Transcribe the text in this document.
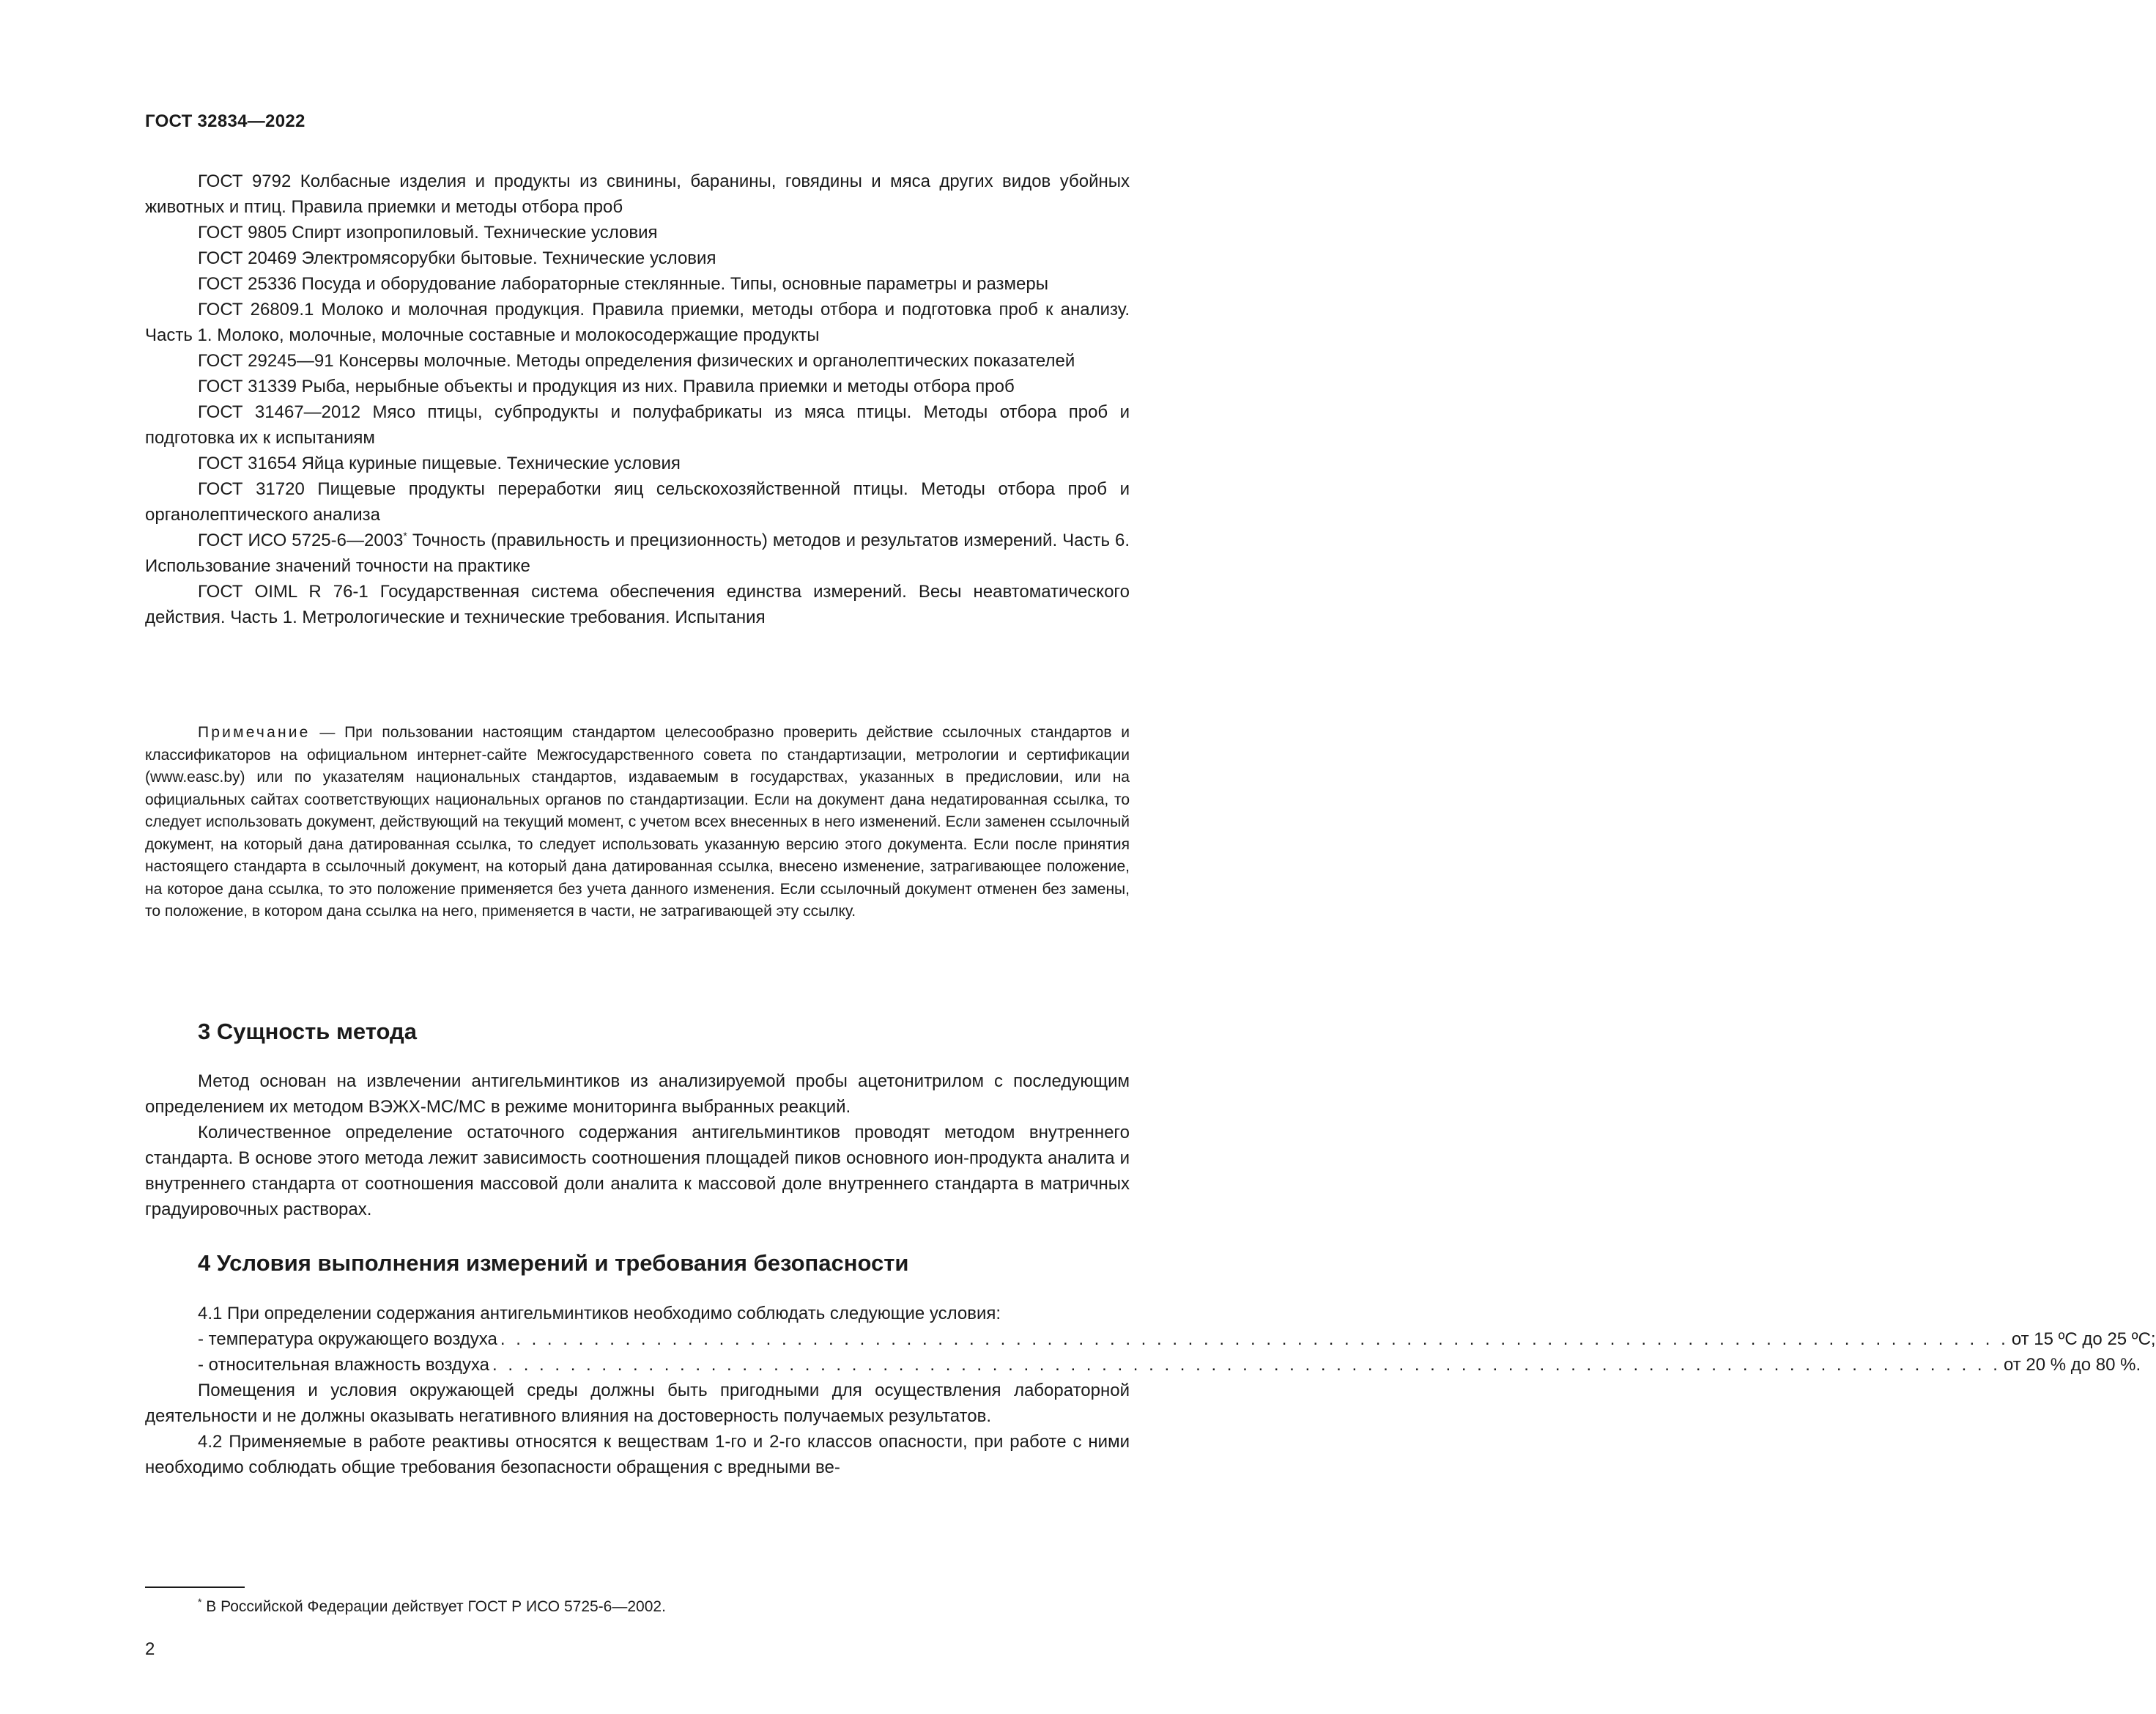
ГОСТ 32834—2022

ГОСТ 9792 Колбасные изделия и продукты из свинины, баранины, говядины и мяса других видов убойных животных и птиц. Правила приемки и методы отбора проб

ГОСТ 9805 Спирт изопропиловый. Технические условия

ГОСТ 20469 Электромясорубки бытовые. Технические условия

ГОСТ 25336 Посуда и оборудование лабораторные стеклянные. Типы, основные параметры и размеры

ГОСТ 26809.1 Молоко и молочная продукция. Правила приемки, методы отбора и подготовка проб к анализу. Часть 1. Молоко, молочные, молочные составные и молокосодержащие продукты

ГОСТ 29245—91 Консервы молочные. Методы определения физических и органолептических показателей

ГОСТ 31339 Рыба, нерыбные объекты и продукция из них. Правила приемки и методы отбора проб

ГОСТ 31467—2012 Мясо птицы, субпродукты и полуфабрикаты из мяса птицы. Методы отбора проб и подготовка их к испытаниям

ГОСТ 31654 Яйца куриные пищевые. Технические условия

ГОСТ 31720 Пищевые продукты переработки яиц сельскохозяйственной птицы. Методы отбора проб и органолептического анализа

ГОСТ ИСО 5725-6—2003* Точность (правильность и прецизионность) методов и результатов измерений. Часть 6. Использование значений точности на практике

ГОСТ OIML R 76-1 Государственная система обеспечения единства измерений. Весы неавтоматического действия. Часть 1. Метрологические и технические требования. Испытания

Примечание — При пользовании настоящим стандартом целесообразно проверить действие ссылочных стандартов и классификаторов на официальном интернет-сайте Межгосударственного совета по стандартизации, метрологии и сертификации (www.easc.by) или по указателям национальных стандартов, издаваемым в государствах, указанных в предисловии, или на официальных сайтах соответствующих национальных органов по стандартизации. Если на документ дана недатированная ссылка, то следует использовать документ, действующий на текущий момент, с учетом всех внесенных в него изменений. Если заменен ссылочный документ, на который дана датированная ссылка, то следует использовать указанную версию этого документа. Если после принятия настоящего стандарта в ссылочный документ, на который дана датированная ссылка, внесено изменение, затрагивающее положение, на которое дана ссылка, то это положение применяется без учета данного изменения. Если ссылочный документ отменен без замены, то положение, в котором дана ссылка на него, применяется в части, не затрагивающей эту ссылку.

3 Сущность метода

Метод основан на извлечении антигельминтиков из анализируемой пробы ацетонитрилом с последующим определением их методом ВЭЖХ-МС/МС в режиме мониторинга выбранных реакций.

Количественное определение остаточного содержания антигельминтиков проводят методом внутреннего стандарта. В основе этого метода лежит зависимость соотношения площадей пиков основного ион-продукта аналита и внутреннего стандарта от соотношения массовой доли аналита к массовой доле внутреннего стандарта в матричных градуировочных растворах.

4 Условия выполнения измерений и требования безопасности

4.1 При определении содержания антигельминтиков необходимо соблюдать следующие условия:

- температура окружающего воздуха . . . . . . . . . . . . . . . . . . . . . . . . . . . . . . . . . . . . . . . . . . . . . . . . . . . . . . . . . . . . . . . . . . . . . . . . . . . . . . . . . . . . . . . . . . . . . . . . . от 15 ºС до 25 ºС;
- относительная влажность воздуха . . . . . . . . . . . . . . . . . . . . . . . . . . . . . . . . . . . . . . . . . . . . . . . . . . . . . . . . . . . . . . . . . . . . . . . . . . . . . . . . . . . . . . . . . . . . . . . . . от 20 % до 80 %.

Помещения и условия окружающей среды должны быть пригодными для осуществления лабораторной деятельности и не должны оказывать негативного влияния на достоверность получаемых результатов.

4.2 Применяемые в работе реактивы относятся к веществам 1-го и 2-го классов опасности, при работе с ними необходимо соблюдать общие требования безопасности обращения с вредными ве-

* В Российской Федерации действует ГОСТ Р ИСО 5725-6—2002.
2
